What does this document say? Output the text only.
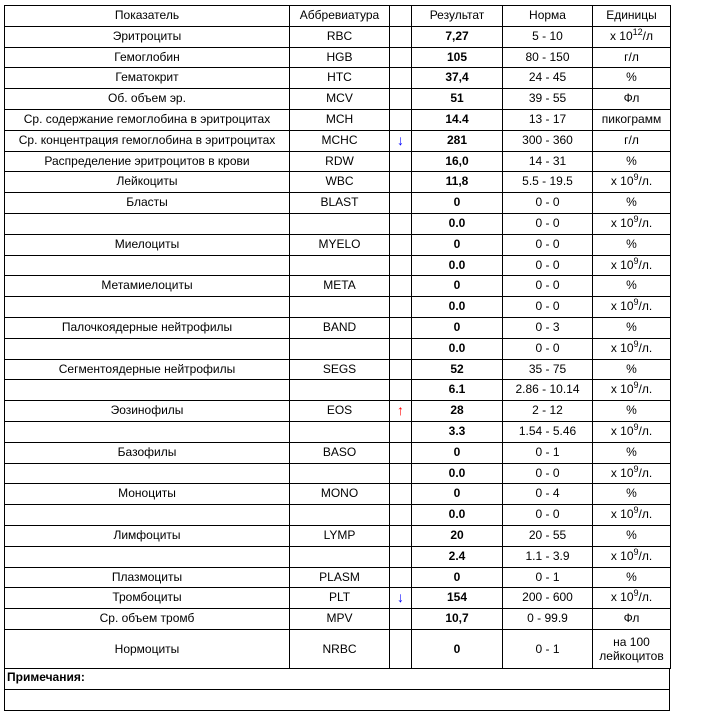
Показатель	Аббревиатура		Результат	Норма	Единицы
Эритроциты	RBC		7,27	5 - 10	x $10^{12}/л$
Гемоглобин	HGB		105	80 - 150	г/л
Гематокрит	HTC		37,4	24 - 45	%
Об. объем эр.	MCV		51	39 - 55	Фл
Ср. содержание гемоглобина в эритроцитах	MCH		14.4	13 - 17	пикограмм
Ср. концентрация гемоглобина в эритроцитах	MCHC	↓	281	300 - 360	г/л
Распределение эритроцитов в крови	RDW		16,0	14 - 31	%
Лейкоциты	WBC		11,8	5.5 - 19.5	x $10^9/л$.
Бласты	BLAST		0	0 - 0	%
			0.0	0 - 0	x $10^9/л$.
Миелоциты	MYELO		0	0 - 0	%
			0.0	0 - 0	x $10^9/л$.
Метамиелоциты	META		0	0 - 0	%
			0.0	0 - 0	x $10^9/л$.
Палочкоядерные нейтрофилы	BAND		0	0 - 3	%
			0.0	0 - 0	x $10^9/л$.
Сегментоядерные нейтрофилы	SEGS		52	35 - 75	%
			6.1	2.86 - 10.14	x $10^9/л$.
Эозинофилы	EOS	↑	28	2 - 12	%
			3.3	1.54 - 5.46	x $10^9/л$.
Базофилы	BASO		0	0 - 1	%
			0.0	0 - 0	x $10^9/л$.
Моноциты	MONO		0	0 - 4	%
			0.0	0 - 0	x $10^9/л$.
Лимфоциты	LYMP		20	20 - 55	%
			2.4	1.1 - 3.9	x $10^9/л$.
Плазмоциты	PLASM		0	0 - 1	%
Тромбоциты	PLT	↓	154	200 - 600	x $10^9/л$.
Ср. объем тромб	MPV		10,7	0 - 99.9	Фл
Нормоциты	NRBC		0	0 - 1	на 100 лейкоцитов
Примечания:
